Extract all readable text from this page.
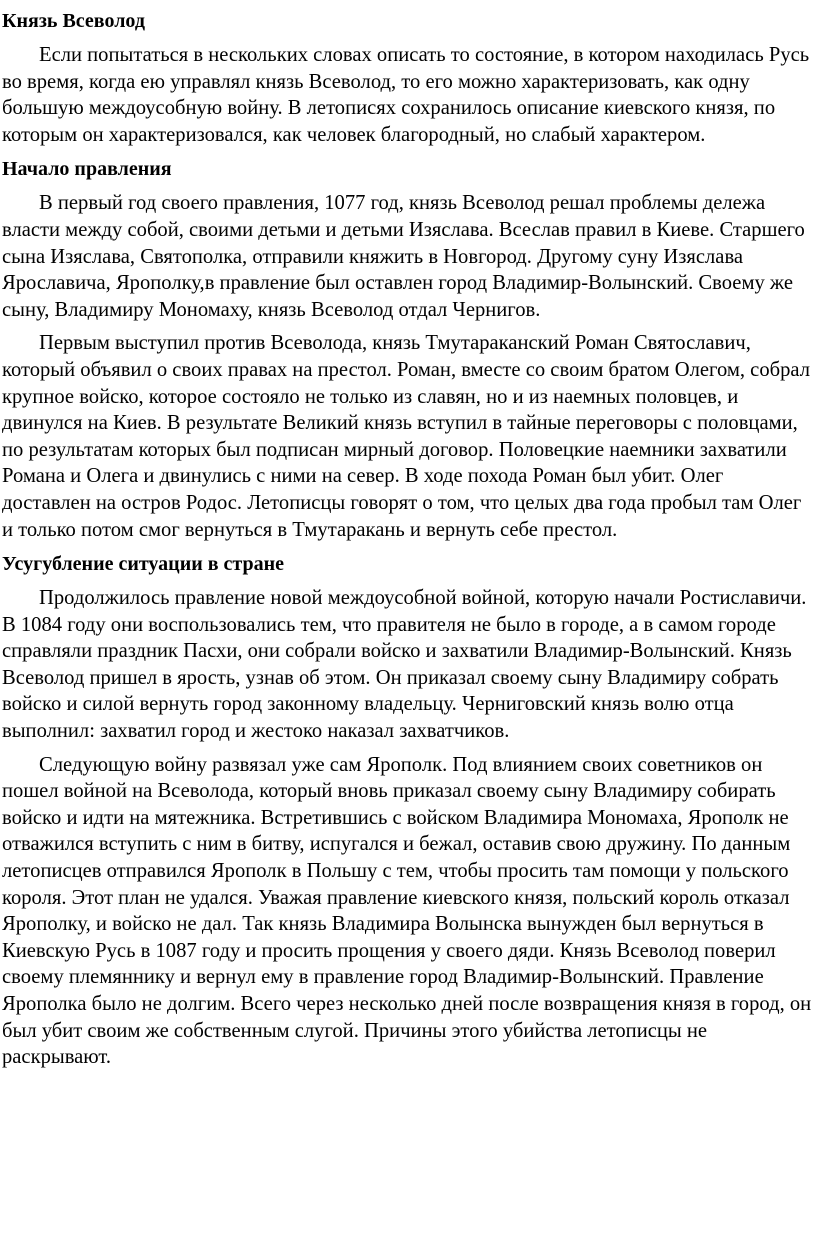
Князь Всеволод

Если попытаться в нескольких словах описать то состояние, в котором находилась Русь во время, когда ею управлял князь Всеволод, то его можно характеризовать, как одну большую междоусобную войну. В летописях сохранилось описание киевского князя, по которым он характеризовался, как человек благородный, но слабый характером.

Начало правления

В первый год своего правления, 1077 год, князь Всеволод решал проблемы дележа власти между собой, своими детьми и детьми Изяслава. Всеслав правил в Киеве. Старшего сына Изяслава, Святополка, отправили княжить в Новгород. Другому суну Изяслава Ярославича, Ярополку,в правление был оставлен город Владимир-Волынский. Своему же сыну, Владимиру Мономаху, князь Всеволод отдал Чернигов.

Первым выступил против Всеволода, князь Тмутараканский Роман Святославич, который объявил о своих правах на престол. Роман, вместе со своим братом Олегом, собрал крупное войско, которое состояло не только из славян, но и из наемных половцев, и двинулся на Киев. В результате Великий князь вступил в тайные переговоры с половцами, по результатам которых был подписан мирный договор. Половецкие наемники захватили Романа и Олега и двинулись с ними на север. В ходе похода Роман был убит. Олег доставлен на остров Родос. Летописцы говорят о том, что целых два года пробыл там Олег и только потом смог вернуться в Тмутаракань и вернуть себе престол.

Усугубление ситуации в стране

Продолжилось правление новой междоусобной войной, которую начали Ростиславичи. В 1084 году они воспользовались тем, что правителя не было в городе, а в самом городе справляли праздник Пасхи, они собрали войско и захватили Владимир-Волынский. Князь Всеволод пришел в ярость, узнав об этом. Он приказал своему сыну Владимиру собрать войско и силой вернуть город законному владельцу. Черниговский князь волю отца выполнил: захватил город и жестоко наказал захватчиков.

Следующую войну развязал уже сам Ярополк. Под влиянием своих советников он пошел войной на Всеволода, который вновь приказал своему сыну Владимиру собирать войско и идти на мятежника. Встретившись с войском Владимира Мономаха, Ярополк не отважился вступить с ним в битву, испугался и бежал, оставив свою дружину. По данным летописцев отправился Ярополк в Польшу с тем, чтобы просить там помощи у польского короля. Этот план не удался. Уважая правление киевского князя, польский король отказал Ярополку, и войско не дал. Так князь Владимира Волынска вынужден был вернуться в Киевскую Русь в 1087 году и просить прощения у своего дяди. Князь Всеволод поверил своему племяннику и вернул ему в правление город Владимир-Волынский. Правление Ярополка было не долгим. Всего через несколько дней после возвращения князя в город, он был убит своим же собственным слугой. Причины этого убийства летописцы не раскрывают.
